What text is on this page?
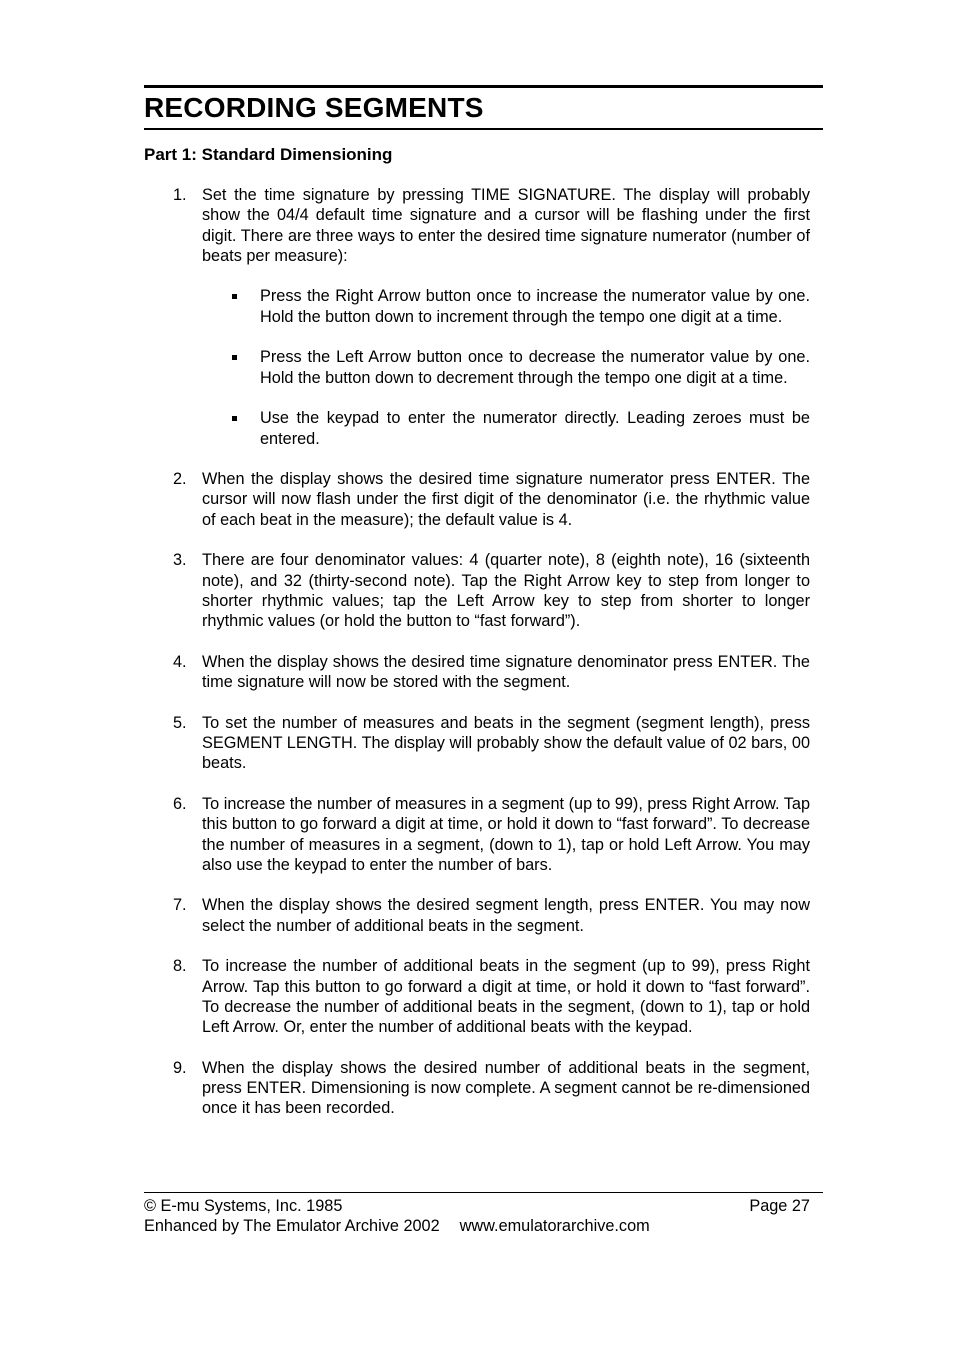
RECORDING SEGMENTS
Part 1: Standard Dimensioning
1. Set the time signature by pressing TIME SIGNATURE. The display will probably show the 04/4 default time signature and a cursor will be flashing under the first digit. There are three ways to enter the desired time signature numerator (number of beats per measure):
Press the Right Arrow button once to increase the numerator value by one. Hold the button down to increment through the tempo one digit at a time.
Press the Left Arrow button once to decrease the numerator value by one. Hold the button down to decrement through the tempo one digit at a time.
Use the keypad to enter the numerator directly. Leading zeroes must be entered.
2. When the display shows the desired time signature numerator press ENTER. The cursor will now flash under the first digit of the denominator (i.e. the rhythmic value of each beat in the measure); the default value is 4.
3. There are four denominator values: 4 (quarter note), 8 (eighth note), 16 (sixteenth note), and 32 (thirty-second note). Tap the Right Arrow key to step from longer to shorter rhythmic values; tap the Left Arrow key to step from shorter to longer rhythmic values (or hold the button to “fast forward”).
4. When the display shows the desired time signature denominator press ENTER. The time signature will now be stored with the segment.
5. To set the number of measures and beats in the segment (segment length), press SEGMENT LENGTH. The display will probably show the default value of 02 bars, 00 beats.
6. To increase the number of measures in a segment (up to 99), press Right Arrow. Tap this button to go forward a digit at time, or hold it down to “fast forward”. To decrease the number of measures in a segment, (down to 1), tap or hold Left Arrow. You may also use the keypad to enter the number of bars.
7. When the display shows the desired segment length, press ENTER. You may now select the number of additional beats in the segment.
8. To increase the number of additional beats in the segment (up to 99), press Right Arrow. Tap this button to go forward a digit at time, or hold it down to “fast forward”. To decrease the number of additional beats in the segment, (down to 1), tap or hold Left Arrow. Or, enter the number of additional beats with the keypad.
9. When the display shows the desired number of additional beats in the segment, press ENTER. Dimensioning is now complete. A segment cannot be re-dimensioned once it has been recorded.
© E-mu Systems, Inc. 1985	Page 27
Enhanced by The Emulator Archive 2002 www.emulatorarchive.com
